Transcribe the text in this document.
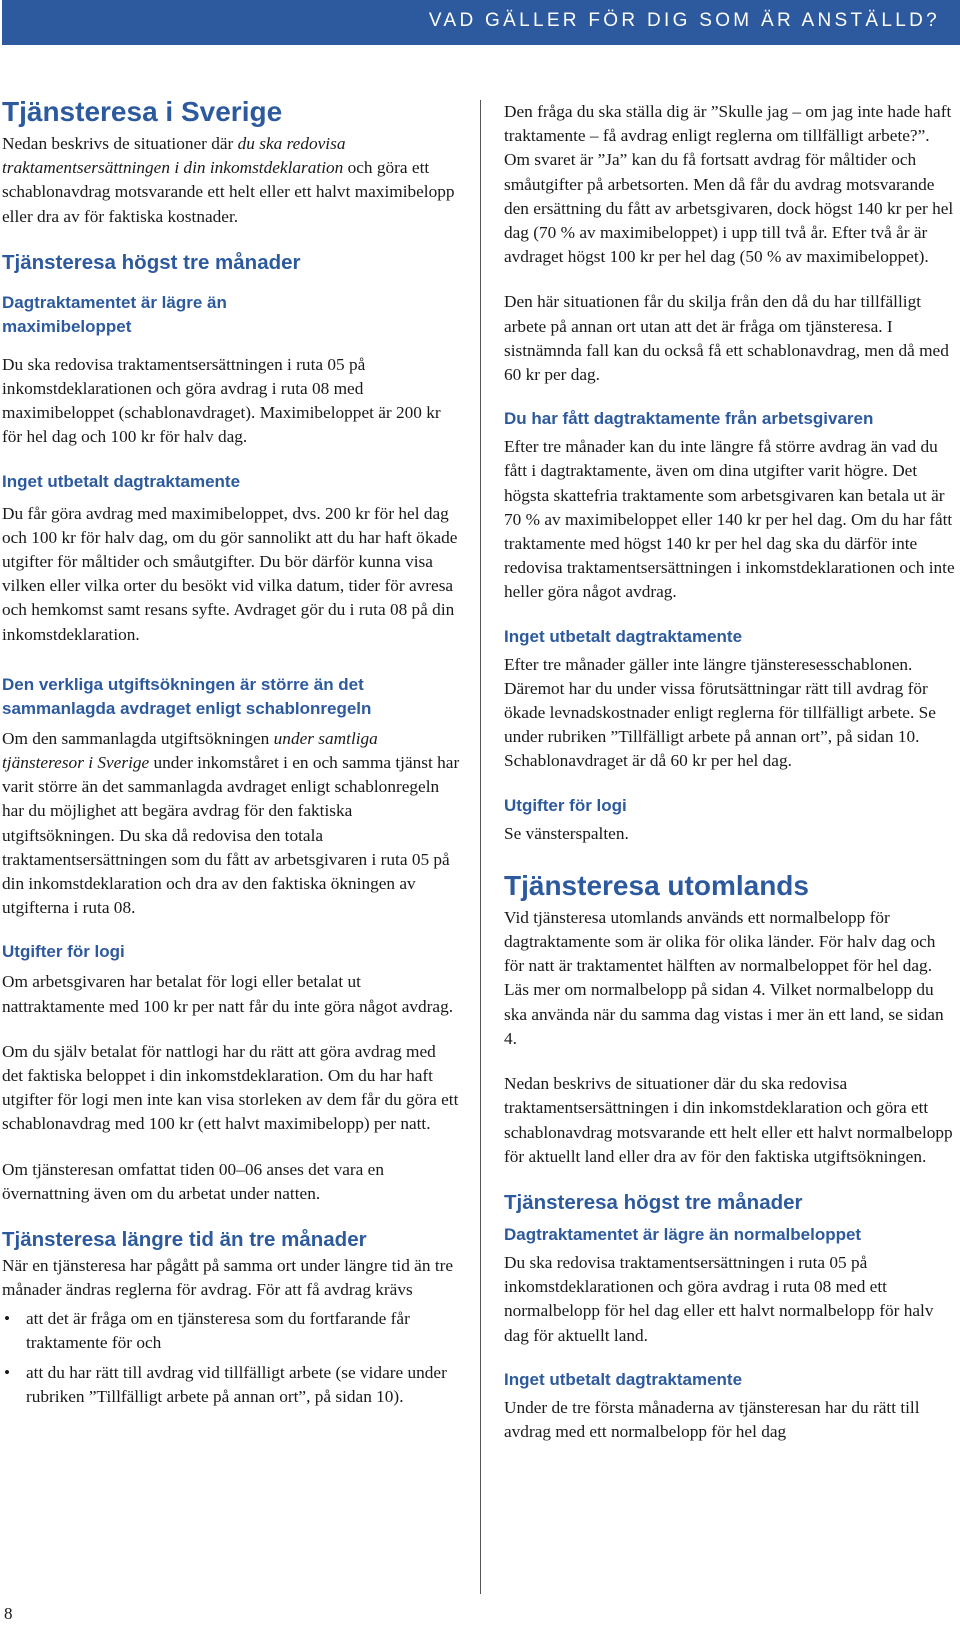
VAD GÄLLER FÖR DIG SOM ÄR ANSTÄLLD?
Tjänsteresa i Sverige

Nedan beskrivs de situationer där du ska redovisa traktamentsersättningen i din inkomstdeklaration och göra ett schablonavdrag motsvarande ett helt eller ett halvt maximibelopp eller dra av för faktiska kostnader.

Tjänsteresa högst tre månader
Dagtraktamentet är lägre än maximibeloppet

Du ska redovisa traktamentsersättningen i ruta 05 på inkomstdeklarationen och göra avdrag i ruta 08 med maximibeloppet (schablonavdraget). Maximibeloppet är 200 kr för hel dag och 100 kr för halv dag.

Inget utbetalt dagtraktamente

Du får göra avdrag med maximibeloppet, dvs. 200 kr för hel dag och 100 kr för halv dag, om du gör sannolikt att du har haft ökade utgifter för måltider och småutgifter. Du bör därför kunna visa vilken eller vilka orter du besökt vid vilka datum, tider för avresa och hemkomst samt resans syfte. Avdraget gör du i ruta 08 på din inkomstdeklaration.

Den verkliga utgiftsökningen är större än det sammanlagda avdraget enligt schablonregeln

Om den sammanlagda utgiftsökningen under samtliga tjänsteresor i Sverige under inkomståret i en och samma tjänst har varit större än det sammanlagda avdraget enligt schablonregeln har du möjlighet att begära avdrag för den faktiska utgiftsökningen. Du ska då redovisa den totala traktamentsersättningen som du fått av arbetsgivaren i ruta 05 på din inkomstdeklaration och dra av den faktiska ökningen av utgifterna i ruta 08.

Utgifter för logi

Om arbetsgivaren har betalat för logi eller betalat ut nattraktamente med 100 kr per natt får du inte göra något avdrag.

Om du själv betalat för nattlogi har du rätt att göra avdrag med det faktiska beloppet i din inkomstdeklaration. Om du har haft utgifter för logi men inte kan visa storleken av dem får du göra ett schablonavdrag med 100 kr (ett halvt maximibelopp) per natt.

Om tjänsteresan omfattat tiden 00–06 anses det vara en övernattning även om du arbetat under natten.

Tjänsteresa längre tid än tre månader

När en tjänsteresa har pågått på samma ort under längre tid än tre månader ändras reglerna för avdrag. För att få avdrag krävs

• att det är fråga om en tjänsteresa som du fortfarande får traktamente för och
• att du har rätt till avdrag vid tillfälligt arbete (se vidare under rubriken ”Tillfälligt arbete på annan ort”, på sidan 10).

Den fråga du ska ställa dig är ”Skulle jag – om jag inte hade haft traktamente – få avdrag enligt reglerna om tillfälligt arbete?”. Om svaret är ”Ja” kan du få fortsatt avdrag för måltider och småutgifter på arbetsorten. Men då får du avdrag motsvarande den ersättning du fått av arbetsgivaren, dock högst 140 kr per hel dag (70 % av maximibeloppet) i upp till två år. Efter två år är avdraget högst 100 kr per hel dag (50 % av maximibeloppet).

Den här situationen får du skilja från den då du har tillfälligt arbete på annan ort utan att det är fråga om tjänsteresa. I sistnämnda fall kan du också få ett schablonavdrag, men då med 60 kr per dag.

Du har fått dagtraktamente från arbetsgivaren

Efter tre månader kan du inte längre få större avdrag än vad du fått i dagtraktamente, även om dina utgifter varit högre. Det högsta skattefria traktamente som arbetsgivaren kan betala ut är 70 % av maximibeloppet eller 140 kr per hel dag. Om du har fått traktamente med högst 140 kr per hel dag ska du därför inte redovisa traktamentsersättningen i inkomstdeklarationen och inte heller göra något avdrag.

Inget utbetalt dagtraktamente

Efter tre månader gäller inte längre tjänsteresesschablonen. Däremot har du under vissa förutsättningar rätt till avdrag för ökade levnadskostnader enligt reglerna för tillfälligt arbete. Se under rubriken ”Tillfälligt arbete på annan ort”, på sidan 10. Schablonavdraget är då 60 kr per hel dag.

Utgifter för logi

Se vänsterspalten.

Tjänsteresa utomlands

Vid tjänsteresa utomlands används ett normalbelopp för dagtraktamente som är olika för olika länder. För halv dag och för natt är traktamentet hälften av normalbeloppet för hel dag. Läs mer om normalbelopp på sidan 4. Vilket normalbelopp du ska använda när du samma dag vistas i mer än ett land, se sidan 4.

Nedan beskrivs de situationer där du ska redovisa traktamentsersättningen i din inkomstdeklaration och göra ett schablonavdrag motsvarande ett helt eller ett halvt normalbelopp för aktuellt land eller dra av för den faktiska utgiftsökningen.

Tjänsteresa högst tre månader
Dagtraktamentet är lägre än normalbeloppet

Du ska redovisa traktamentsersättningen i ruta 05 på inkomstdeklarationen och göra avdrag i ruta 08 med ett normalbelopp för hel dag eller ett halvt normalbelopp för halv dag för aktuellt land.

Inget utbetalt dagtraktamente

Under de tre första månaderna av tjänsteresan har du rätt till avdrag med ett normalbelopp för hel dag

8
